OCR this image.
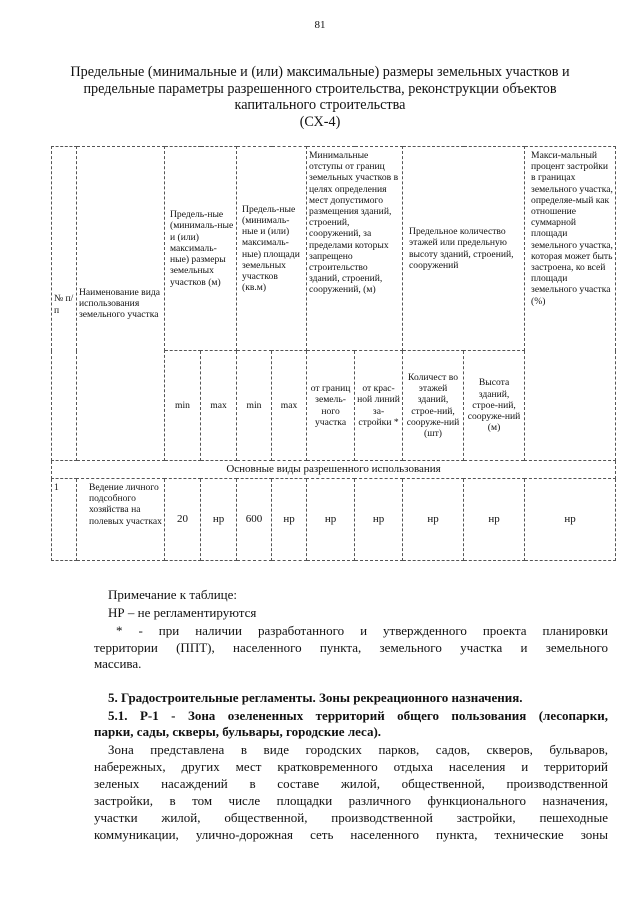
81
Предельные (минимальные и (или) максимальные) размеры земельных участков и
предельные параметры разрешенного строительства, реконструкции объектов
капитального строительства
(СХ-4)
№ п/ п	Наименование вида использования земельного участка	Предель-ные (минималь-ные и (или) максималь-ные) размеры земельных участков (м)		Предель-ные (минималь-ные и (или) максималь-ные) площади земельных участков (кв.м)		Минимальные отступы от границ земельных участков в целях определения мест допустимого размещения зданий, строений, сооружений, за пределами которых запрещено строительство зданий, строений, сооружений, (м)		Предельное количество этажей или предельную высоту зданий, строений, сооружений		Макси-мальный процент застройки в границах земельного участка, определяе-мый как отношение суммарной площади земельного участка, которая может быть застроена, ко всей площади земельного участка (%)
		min	max	min	max	от границ земель-ного участка	от крас-ной линий за-стройки *	Количест во этажей зданий, строе-ний, сооруже-ний (шт)	Высота зданий, строе-ний, сооруже-ний (м)	
Основные виды разрешенного использования										
1	Ведение личного подсобного хозяйства на полевых участках	20	нр	600	нр	нр	нр	нр	нр	нр
Примечание к таблице:
НР – не регламентируются
* - при наличии разработанного и утвержденного проекта планировки
территории (ППТ), населенного пункта, земельного участка и земельного
массива.
5. Градостроительные регламенты. Зоны рекреационного назначения.
5.1. Р-1 - Зона озелененных территорий общего пользования (лесопарки,
парки, сады, скверы, бульвары, городские леса).
Зона представлена в виде городских парков, садов, скверов, бульваров,
набережных, других мест кратковременного отдыха населения и территорий
зеленых насаждений в составе жилой, общественной, производственной
застройки, в том числе площадки различного функционального назначения,
участки жилой, общественной, производственной застройки, пешеходные
коммуникации, улично-дорожная сеть населенного пункта, технические зоны
